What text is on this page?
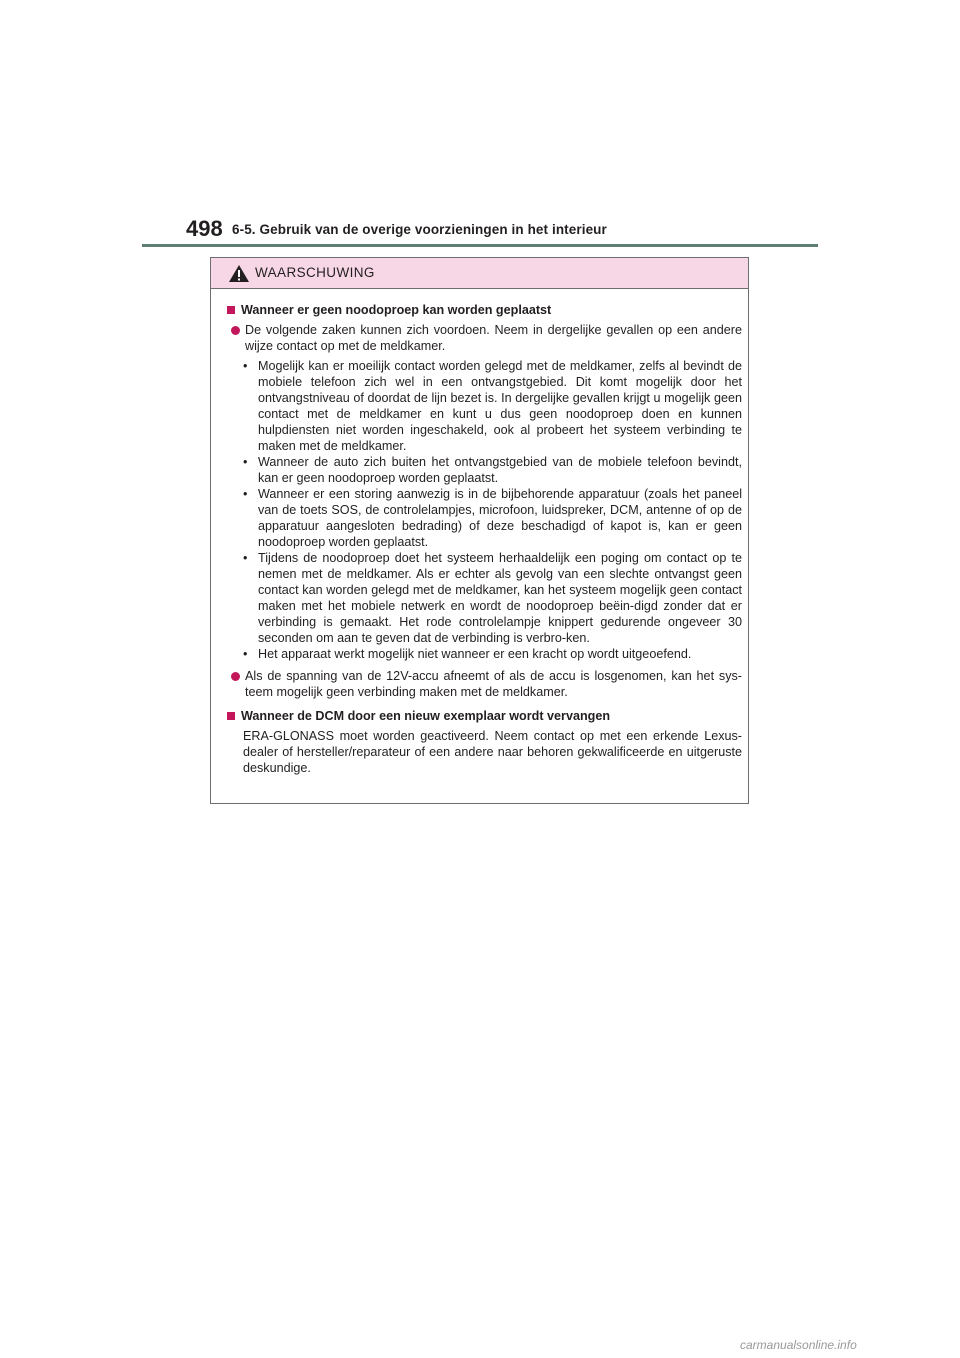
498 6-5. Gebruik van de overige voorzieningen in het interieur
WAARSCHUWING
Wanneer er geen noodoproep kan worden geplaatst
De volgende zaken kunnen zich voordoen. Neem in dergelijke gevallen op een andere wijze contact op met de meldkamer.
• Mogelijk kan er moeilijk contact worden gelegd met de meldkamer, zelfs al bevindt de mobiele telefoon zich wel in een ontvangstgebied. Dit komt mogelijk door het ontvangstniveau of doordat de lijn bezet is. In dergelijke gevallen krijgt u mogelijk geen contact met de meldkamer en kunt u dus geen noodoproep doen en kunnen hulpdiensten niet worden ingeschakeld, ook al probeert het systeem verbinding te maken met de meldkamer.
• Wanneer de auto zich buiten het ontvangstgebied van de mobiele telefoon bevindt, kan er geen noodoproep worden geplaatst.
• Wanneer er een storing aanwezig is in de bijbehorende apparatuur (zoals het paneel van de toets SOS, de controlelampjes, microfoon, luidspreker, DCM, antenne of op de apparatuur aangesloten bedrading) of deze beschadigd of kapot is, kan er geen noodoproep worden geplaatst.
• Tijdens de noodoproep doet het systeem herhaaldelijk een poging om contact op te nemen met de meldkamer. Als er echter als gevolg van een slechte ontvangst geen contact kan worden gelegd met de meldkamer, kan het systeem mogelijk geen contact maken met het mobiele netwerk en wordt de noodoproep beëin-digd zonder dat er verbinding is gemaakt. Het rode controlelampje knippert gedurende ongeveer 30 seconden om aan te geven dat de verbinding is verbro-ken.
• Het apparaat werkt mogelijk niet wanneer er een kracht op wordt uitgeoefend.
Als de spanning van de 12V-accu afneemt of als de accu is losgenomen, kan het sys-teem mogelijk geen verbinding maken met de meldkamer.
Wanneer de DCM door een nieuw exemplaar wordt vervangen
ERA-GLONASS moet worden geactiveerd. Neem contact op met een erkende Lexus-dealer of hersteller/reparateur of een andere naar behoren gekwalificeerde en uitgeruste deskundige.
carmanualsonline.info
